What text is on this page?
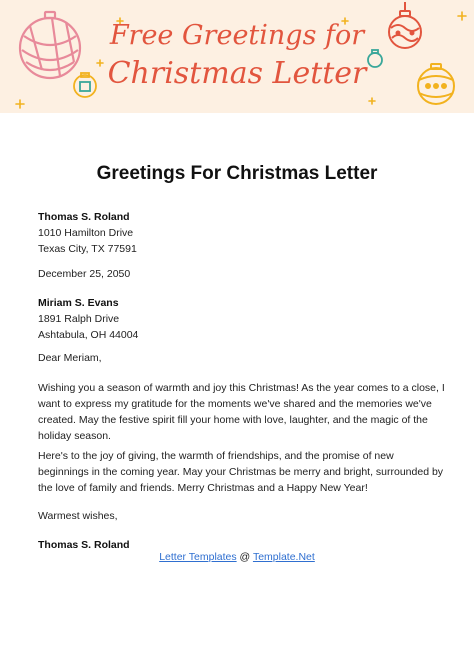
Free Greetings for
Christmas Letter
Greetings For Christmas Letter
Thomas S. Roland
1010 Hamilton Drive
Texas City, TX 77591
December 25, 2050
Miriam S. Evans
1891 Ralph Drive
Ashtabula, OH 44004
Dear Meriam,
Wishing you a season of warmth and joy this Christmas! As the year comes to a close, I
want to express my gratitude for the moments we've shared and the memories we've
created. May the festive spirit fill your home with love, laughter, and the magic of the
holiday season.
Here's to the joy of giving, the warmth of friendships, and the promise of new
beginnings in the coming year. May your Christmas be merry and bright, surrounded by
the love of family and friends. Merry Christmas and a Happy New Year!
Warmest wishes,
Thomas S. Roland
Letter Templates @ Template.Net
